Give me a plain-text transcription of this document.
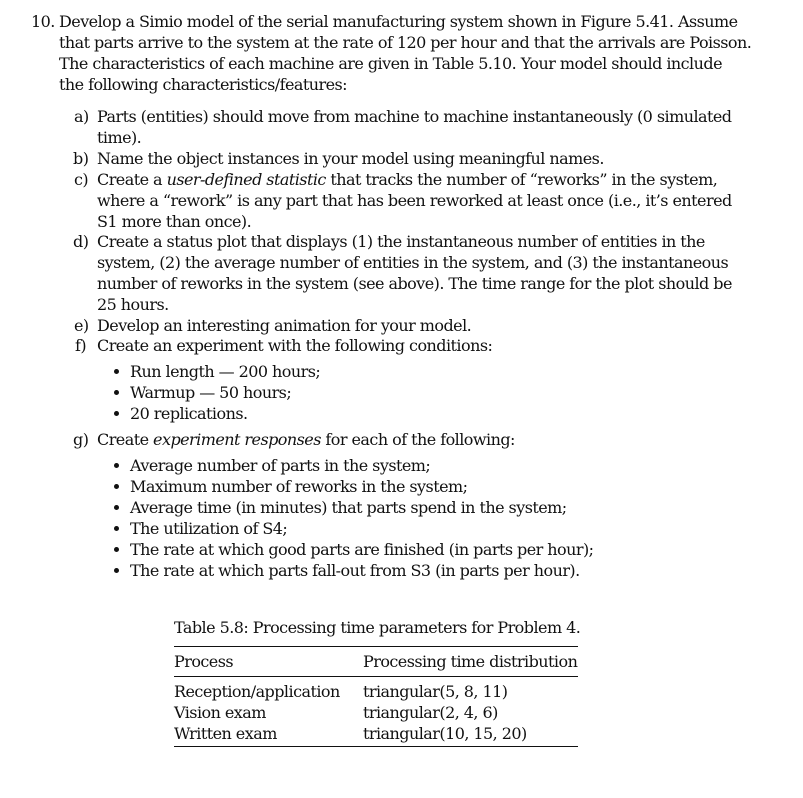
10. Develop a Simio model of the serial manufacturing system shown in Figure 5.41. Assume
that parts arrive to the system at the rate of 120 per hour and that the arrivals are Poisson.
The characteristics of each machine are given in Table 5.10. Your model should include
the following characteristics/features:
a) Parts (entities) should move from machine to machine instantaneously (0 simulated
time).
b) Name the object instances in your model using meaningful names.
c) Create a user-defined statistic that tracks the number of “reworks” in the system,
where a “rework” is any part that has been reworked at least once (i.e., it’s entered
S1 more than once).
d) Create a status plot that displays (1) the instantaneous number of entities in the
system, (2) the average number of entities in the system, and (3) the instantaneous
number of reworks in the system (see above). The time range for the plot should be
25 hours.
e) Develop an interesting animation for your model.
f) Create an experiment with the following conditions:
Run length — 200 hours;
Warmup — 50 hours;
20 replications.
g) Create experiment responses for each of the following:
Average number of parts in the system;
Maximum number of reworks in the system;
Average time (in minutes) that parts spend in the system;
The utilization of S4;
The rate at which good parts are finished (in parts per hour);
The rate at which parts fall-out from S3 (in parts per hour).
Table 5.8: Processing time parameters for Problem 4.
Process	Processing time distribution
Reception/application triangular(5, 8, 11)
Vision exam	triangular(2, 4, 6)
Written exam	triangular(10, 15, 20)
